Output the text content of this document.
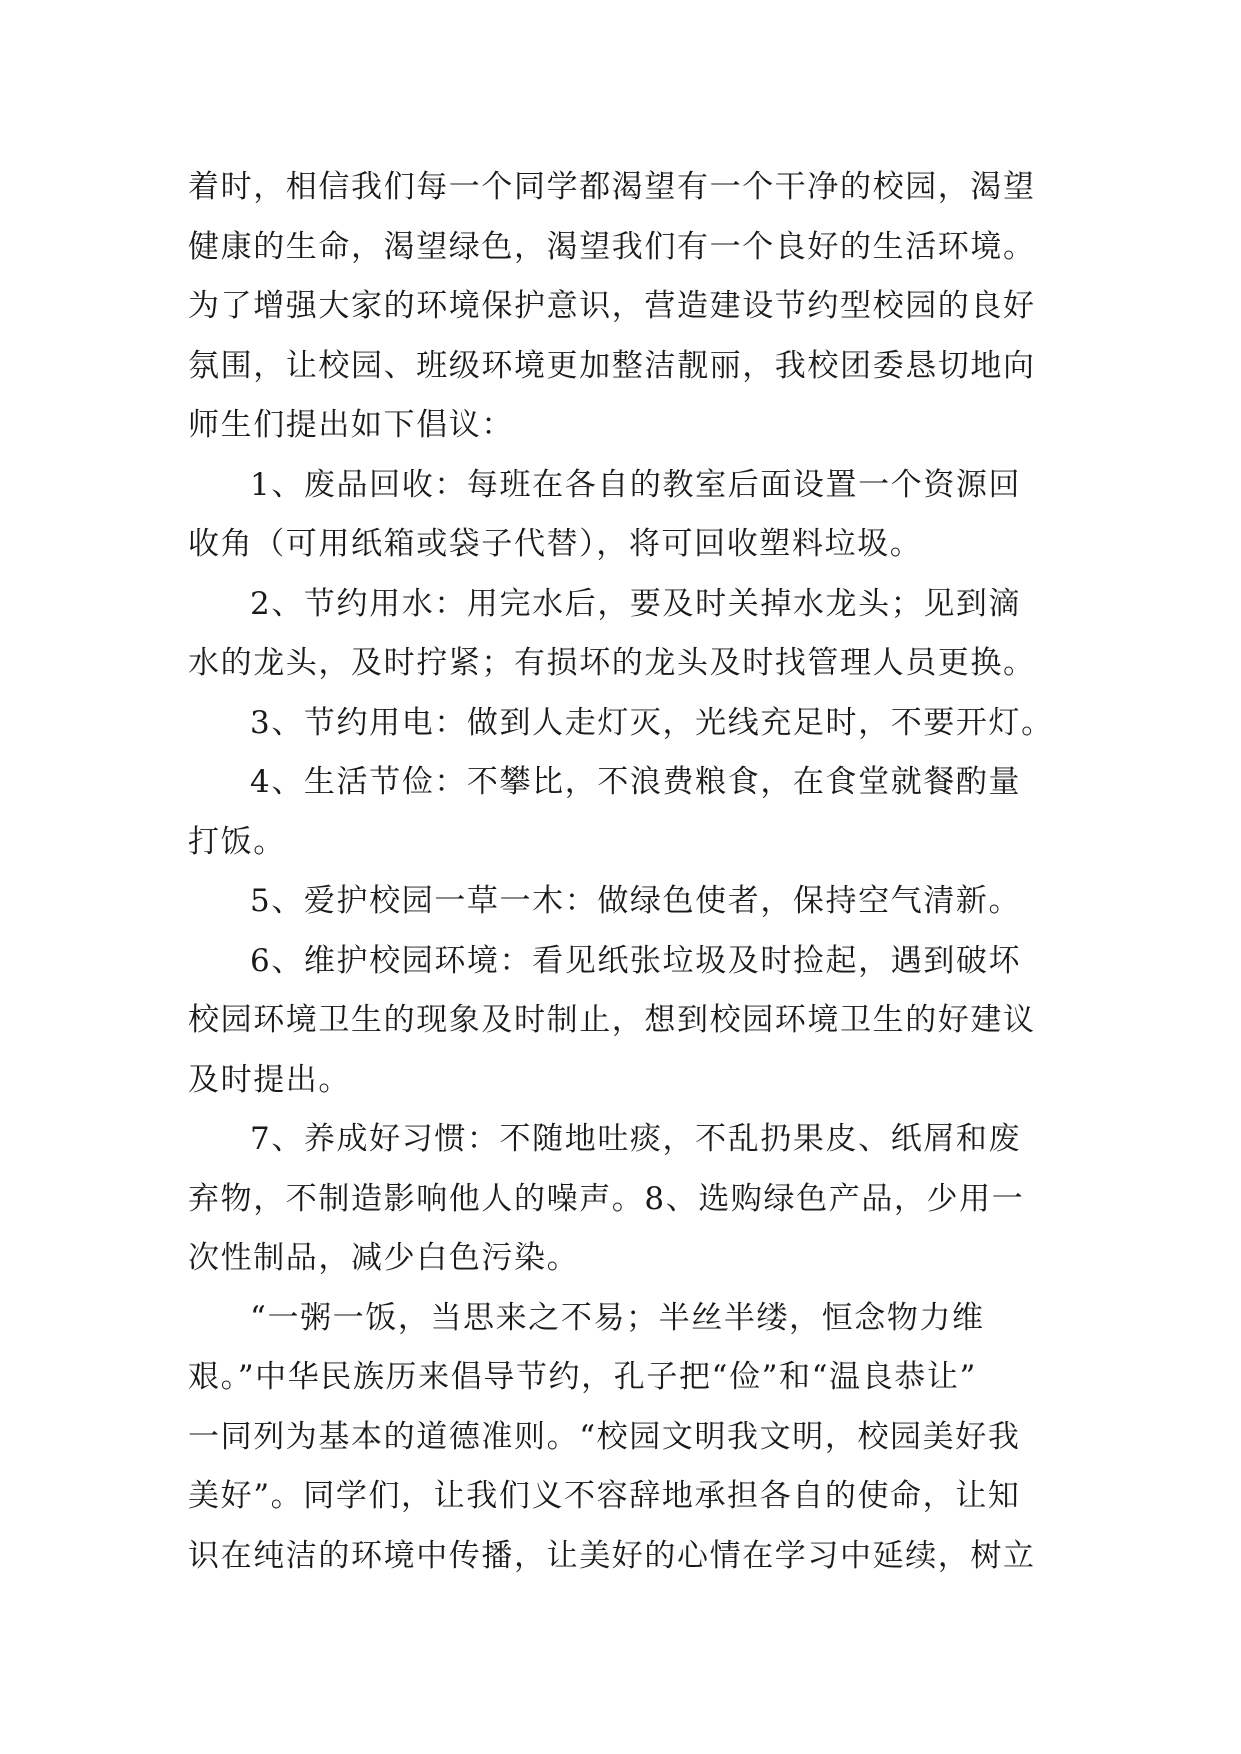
着时，相信我们每一个同学都渴望有一个干净的校园，渴望
健康的生命，渴望绿色，渴望我们有一个良好的生活环境。
为了增强大家的环境保护意识，营造建设节约型校园的良好
氛围，让校园、班级环境更加整洁靓丽，我校团委恳切地向
师生们提出如下倡议：
1、废品回收：每班在各自的教室后面设置一个资源回
收角（可用纸箱或袋子代替），将可回收塑料垃圾。
2、节约用水：用完水后，要及时关掉水龙头；见到滴
水的龙头，及时拧紧；有损坏的龙头及时找管理人员更换。
3、节约用电：做到人走灯灭，光线充足时，不要开灯。
4、生活节俭：不攀比，不浪费粮食，在食堂就餐酌量
打饭。
5、爱护校园一草一木：做绿色使者，保持空气清新。
6、维护校园环境：看见纸张垃圾及时捡起，遇到破坏
校园环境卫生的现象及时制止，想到校园环境卫生的好建议
及时提出。
7、养成好习惯：不随地吐痰，不乱扔果皮、纸屑和废
弃物，不制造影响他人的噪声。8、选购绿色产品，少用一
次性制品，减少白色污染。
“一粥一饭，当思来之不易；半丝半缕，恒念物力维
艰。”中华民族历来倡导节约，孔子把“俭”和“温良恭让”
一同列为基本的道德准则。“校园文明我文明，校园美好我
美好”。同学们，让我们义不容辞地承担各自的使命，让知
识在纯洁的环境中传播，让美好的心情在学习中延续，树立
